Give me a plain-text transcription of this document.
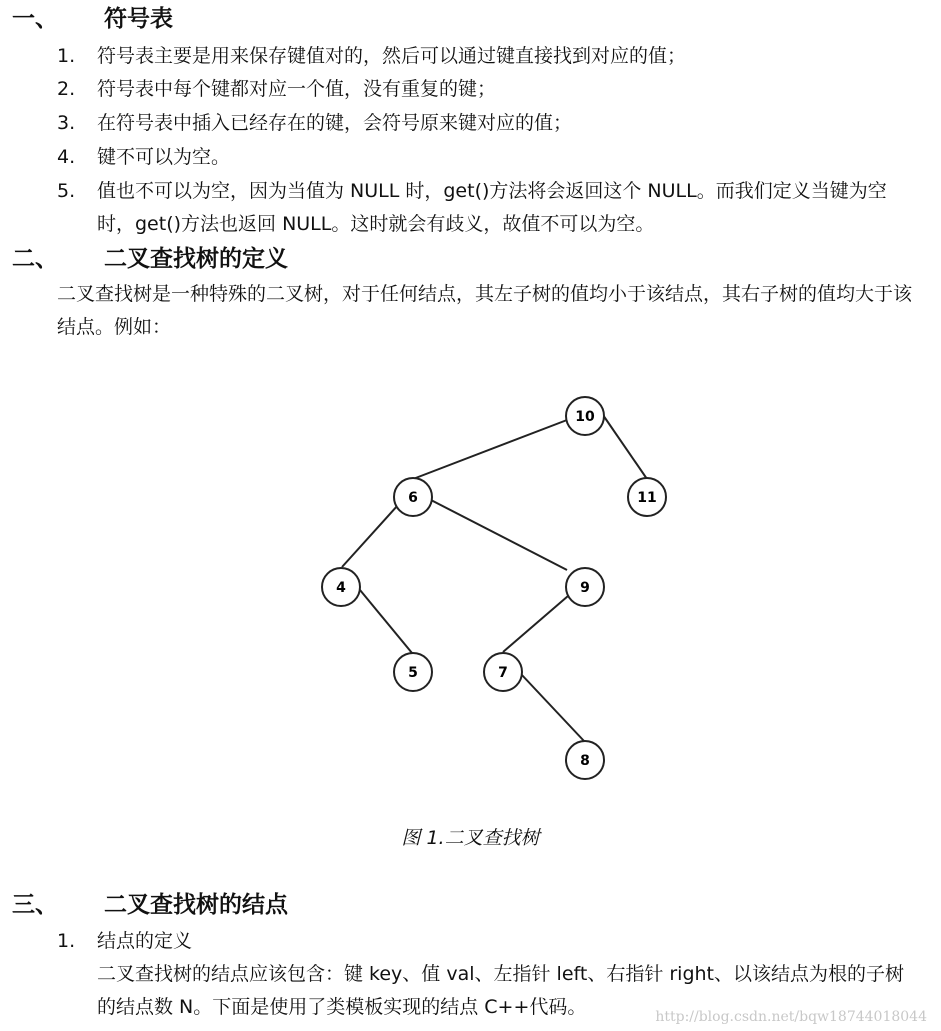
一、 符号表
1.	符号表主要是用来保存键值对的，然后可以通过键直接找到对应的值；
2.	符号表中每个键都对应一个值，没有重复的键；
3.	在符号表中插入已经存在的键，会符号原来键对应的值；
4.	键不可以为空。
5.	值也不可以为空，因为当值为 NULL 时，get()方法将会返回这个 NULL。而我们定义当键为空时，get()方法也返回 NULL。这时就会有歧义，故值不可以为空。
二、 二叉查找树的定义
二叉查找树是一种特殊的二叉树，对于任何结点，其左子树的值均小于该结点，其右子树的值均大于该结点。例如：
10
6	11
4	9
5	7
8
图 1.二叉查找树
三、 二叉查找树的结点
1.	结点的定义
二叉查找树的结点应该包含：键 key、值 val、左指针 left、右指针 right、以该结点为根的子树的结点数 N。下面是使用了类模板实现的结点 C++代码。	http://blog.csdn.net/bqw18744018044
